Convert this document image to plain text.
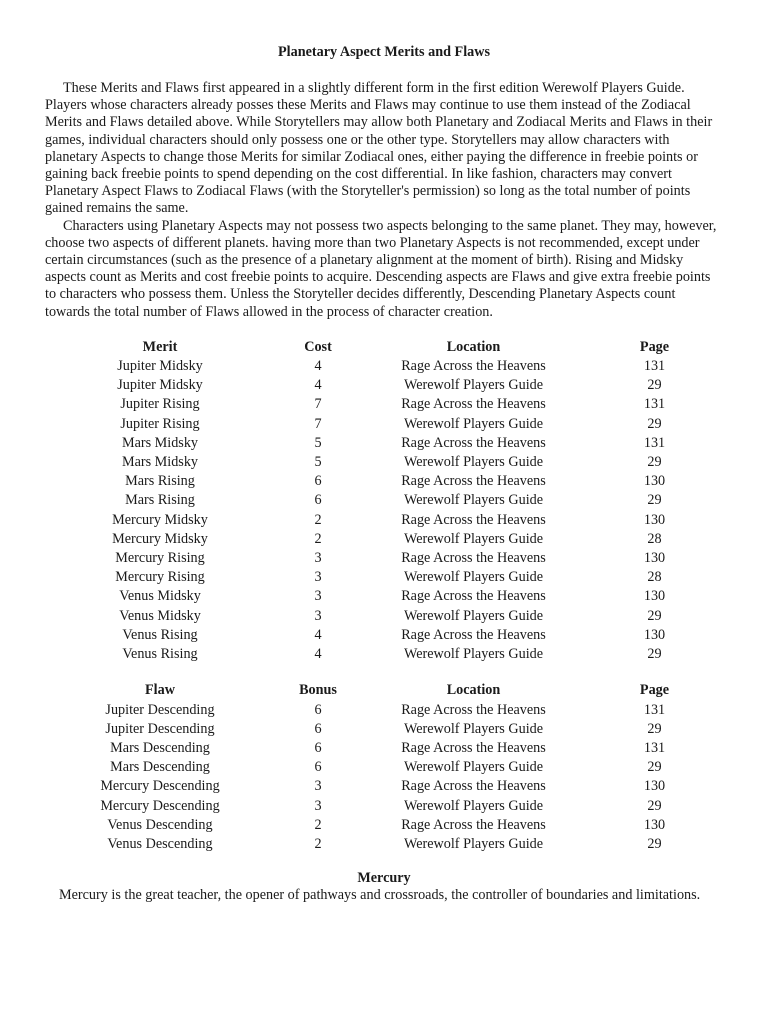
Planetary Aspect Merits and Flaws

These Merits and Flaws first appeared in a slightly different form in the first edition Werewolf Players Guide. Players whose characters already posses these Merits and Flaws may continue to use them instead of the Zodiacal Merits and Flaws detailed above. While Storytellers may allow both Planetary and Zodiacal Merits and Flaws in their games, individual characters should only possess one or the other type. Storytellers may allow characters with planetary Aspects to change those Merits for similar Zodiacal ones, either paying the difference in freebie points or gaining back freebie points to spend depending on the cost differential. In like fashion, characters may convert Planetary Aspect Flaws to Zodiacal Flaws (with the Storyteller's permission) so long as the total number of points gained remains the same.

Characters using Planetary Aspects may not possess two aspects belonging to the same planet. They may, however, choose two aspects of different planets. having more than two Planetary Aspects is not recommended, except under certain circumstances (such as the presence of a planetary alignment at the moment of birth). Rising and Midsky aspects count as Merits and cost freebie points to acquire. Descending aspects are Flaws and give extra freebie points to characters who possess them. Unless the Storyteller decides differently, Descending Planetary Aspects count towards the total number of Flaws allowed in the process of character creation.

Merit	Cost	Location	Page
Jupiter Midsky	4	Rage Across the Heavens	131
Jupiter Midsky	4	Werewolf Players Guide	29
Jupiter Rising	7	Rage Across the Heavens	131
Jupiter Rising	7	Werewolf Players Guide	29
Mars Midsky	5	Rage Across the Heavens	131
Mars Midsky	5	Werewolf Players Guide	29
Mars Rising	6	Rage Across the Heavens	130
Mars Rising	6	Werewolf Players Guide	29
Mercury Midsky	2	Rage Across the Heavens	130
Mercury Midsky	2	Werewolf Players Guide	28
Mercury Rising	3	Rage Across the Heavens	130
Mercury Rising	3	Werewolf Players Guide	28
Venus Midsky	3	Rage Across the Heavens	130
Venus Midsky	3	Werewolf Players Guide	29
Venus Rising	4	Rage Across the Heavens	130
Venus Rising	4	Werewolf Players Guide	29
Flaw	Bonus	Location	Page
Jupiter Descending	6	Rage Across the Heavens	131
Jupiter Descending	6	Werewolf Players Guide	29
Mars Descending	6	Rage Across the Heavens	131
Mars Descending	6	Werewolf Players Guide	29
Mercury Descending	3	Rage Across the Heavens	130
Mercury Descending	3	Werewolf Players Guide	29
Venus Descending	2	Rage Across the Heavens	130
Venus Descending	2	Werewolf Players Guide	29
Mercury

Mercury is the great teacher, the opener of pathways and crossroads, the controller of boundaries and limitations.
